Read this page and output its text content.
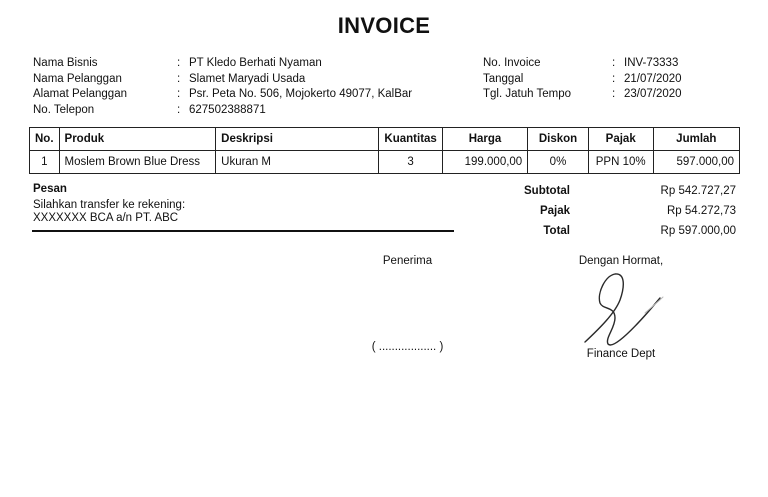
INVOICE
Nama Bisnis	: PT Kledo Berhati Nyaman
Nama Pelanggan	: Slamet Maryadi Usada
Alamat Pelanggan	: Psr. Peta No. 506, Mojokerto 49077, KalBar
No. Telepon	: 627502388871
No. Invoice	: INV-73333
Tanggal	: 21/07/2020
Tgl. Jatuh Tempo	: 23/07/2020
No.	Produk	Deskripsi	Kuantitas	Harga	Diskon	Pajak	Jumlah
1	Moslem Brown Blue Dress	Ukuran M	3	199.000,00	0%	PPN 10%	597.000,00
Pesan
Silahkan transfer ke rekening:
XXXXXXX BCA a/n PT. ABC
Subtotal	Rp 542.727,27
Pajak	Rp 54.272,73
Total	Rp 597.000,00
Penerima
( .................. )
Dengan Hormat,
Finance Dept
